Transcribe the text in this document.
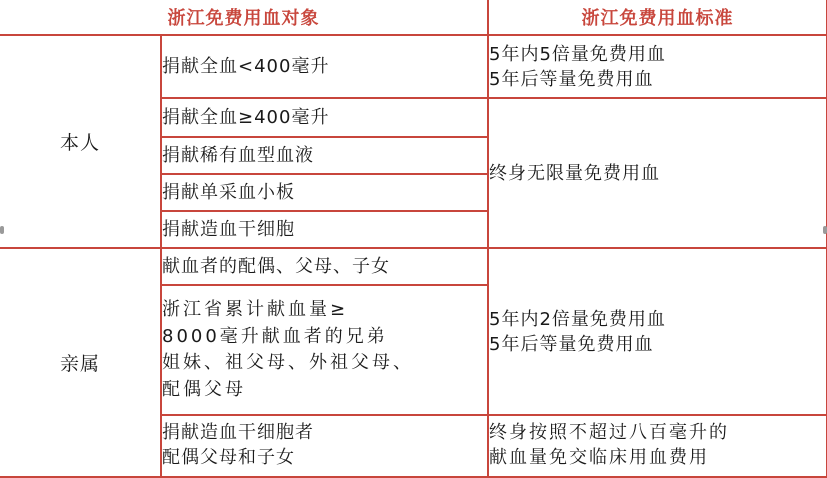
浙江免费用血对象		浙江免费用血标准
本人	捐献全血<400毫升	5年内5倍量免费用血
5年后等量免费用血

	捐献全血≥400毫升	终身无限量免费用血
	捐献稀有血型血液	
	捐献单采血小板	
	捐献造血干细胞	
亲属	献血者的配偶、父母、子女	5年内2倍量免费用血
5年后等量免费用血

	浙江省累计献血量≥
8000毫升献血者的兄弟
姐妹、祖父母、外祖父母、
配偶父母	

	捐献造血干细胞者
配偶父母和子女	终身按照不超过八百毫升的
献血量免交临床用血费用
